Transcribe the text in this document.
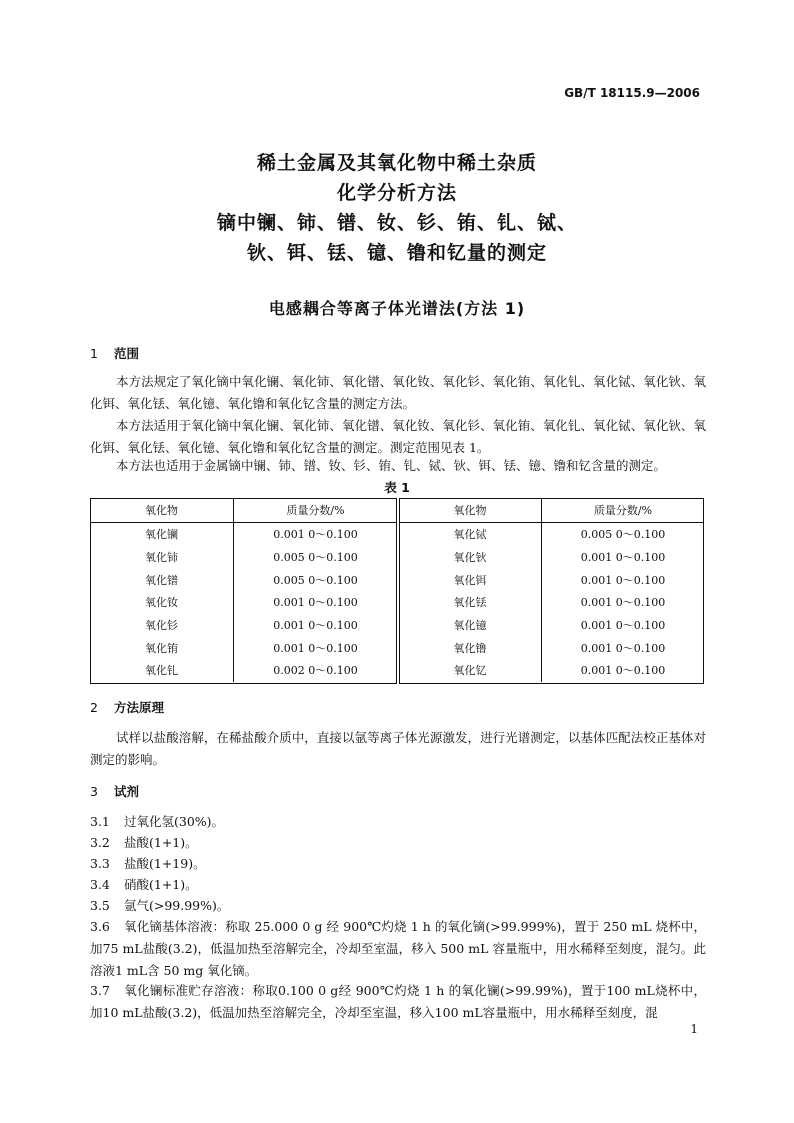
GB/T 18115.9—2006
稀土金属及其氧化物中稀土杂质
化学分析方法
镝中镧、铈、镨、钕、钐、铕、钆、铽、
钬、铒、铥、镱、镥和钇量的测定
电感耦合等离子体光谱法(方法 1)
1 范围
本方法规定了氧化镝中氧化镧、氧化铈、氧化镨、氧化钕、氧化钐、氧化铕、氧化钆、氧化铽、氧化钬、氧化铒、氧化铥、氧化镱、氧化镥和氧化钇含量的测定方法。
本方法适用于氧化镝中氧化镧、氧化铈、氧化镨、氧化钕、氧化钐、氧化铕、氧化钆、氧化铽、氧化钬、氧化铒、氧化铥、氧化镱、氧化镥和氧化钇含量的测定。测定范围见表 1。
本方法也适用于金属镝中镧、铈、镨、钕、钐、铕、钆、铽、钬、铒、铥、镱、镥和钇含量的测定。
表 1
氧化物	质量分数/%
氧化镧	0.001 0～0.100
氧化铈	0.005 0～0.100
氧化镨	0.005 0～0.100
氧化钕	0.001 0～0.100
氧化钐	0.001 0～0.100
氧化铕	0.001 0～0.100
氧化钆	0.002 0～0.100
氧化物	质量分数/%
氧化铽	0.005 0～0.100
氧化钬	0.001 0～0.100
氧化铒	0.001 0～0.100
氧化铥	0.001 0～0.100
氧化镱	0.001 0～0.100
氧化镥	0.001 0～0.100
氧化钇	0.001 0～0.100
2 方法原理
试样以盐酸溶解，在稀盐酸介质中，直接以氩等离子体光源激发，进行光谱测定，以基体匹配法校正基体对测定的影响。
3 试剂
3.1 过氧化氢(30%)。
3.2 盐酸(1+1)。
3.3 盐酸(1+19)。
3.4 硝酸(1+1)。
3.5 氩气(>99.99%)。
3.6 氧化镝基体溶液：称取 25.000 0 g 经 900℃灼烧 1 h 的氧化镝(>99.999%)，置于 250 mL 烧杯中，加75 mL盐酸(3.2)，低温加热至溶解完全，冷却至室温，移入 500 mL 容量瓶中，用水稀释至刻度，混匀。此溶液1 mL含 50 mg 氧化镝。
3.7 氧化镧标准贮存溶液：称取0.100 0 g经 900℃灼烧 1 h 的氧化镧(>99.99%)，置于100 mL烧杯中，加10 mL盐酸(3.2)，低温加热至溶解完全，冷却至室温，移入100 mL容量瓶中，用水稀释至刻度，混
1
